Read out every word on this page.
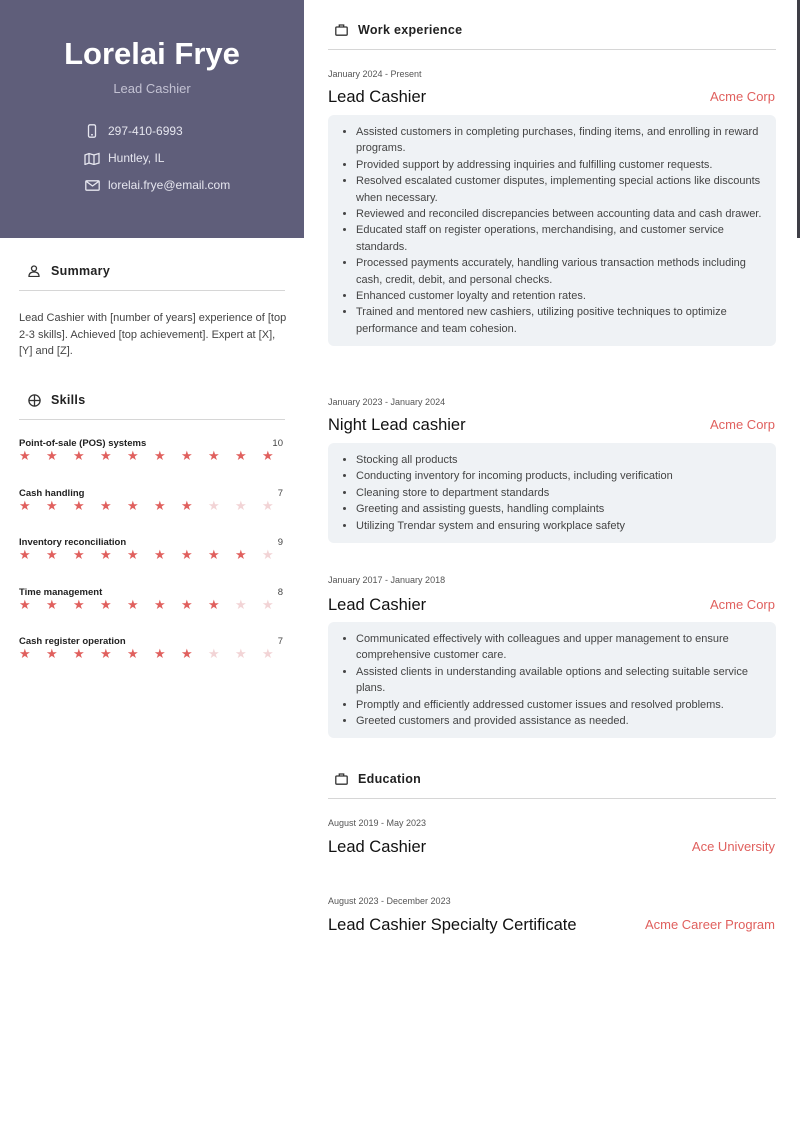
Lorelai Frye
Lead Cashier
297-410-6993
Huntley, IL
lorelai.frye@email.com
Summary
Lead Cashier with [number of years] experience of [top 2-3 skills]. Achieved [top achievement]. Expert at [X], [Y] and [Z].
Skills
Point-of-sale (POS) systems	10
★	★	★	★	★	★	★	★	★	★
Cash handling	7
★	★	★	★	★	★	★	★	★	★
Inventory reconciliation	9
★	★	★	★	★	★	★	★	★	★
Time management	8
★	★	★	★	★	★	★	★	★	★
Cash register operation	7
★	★	★	★	★	★	★	★	★	★
Work experience
January 2024 - Present
Lead Cashier	Acme Corp
• Assisted customers in completing purchases, finding items, and enrolling in reward programs.
• Provided support by addressing inquiries and fulfilling customer requests.
• Resolved escalated customer disputes, implementing special actions like discounts when necessary.
• Reviewed and reconciled discrepancies between accounting data and cash drawer.
• Educated staff on register operations, merchandising, and customer service standards.
• Processed payments accurately, handling various transaction methods including cash, credit, debit, and personal checks.
• Enhanced customer loyalty and retention rates.
• Trained and mentored new cashiers, utilizing positive techniques to optimize performance and team cohesion.
January 2023 - January 2024
Night Lead cashier	Acme Corp
• Stocking all products
• Conducting inventory for incoming products, including verification
• Cleaning store to department standards
• Greeting and assisting guests, handling complaints
• Utilizing Trendar system and ensuring workplace safety
January 2017 - January 2018
Lead Cashier	Acme Corp
• Communicated effectively with colleagues and upper management to ensure comprehensive customer care.
• Assisted clients in understanding available options and selecting suitable service plans.
• Promptly and efficiently addressed customer issues and resolved problems.
• Greeted customers and provided assistance as needed.
Education
August 2019 - May 2023
Lead Cashier	Ace University
August 2023 - December 2023
Lead Cashier Specialty Certificate	Acme Career Program
